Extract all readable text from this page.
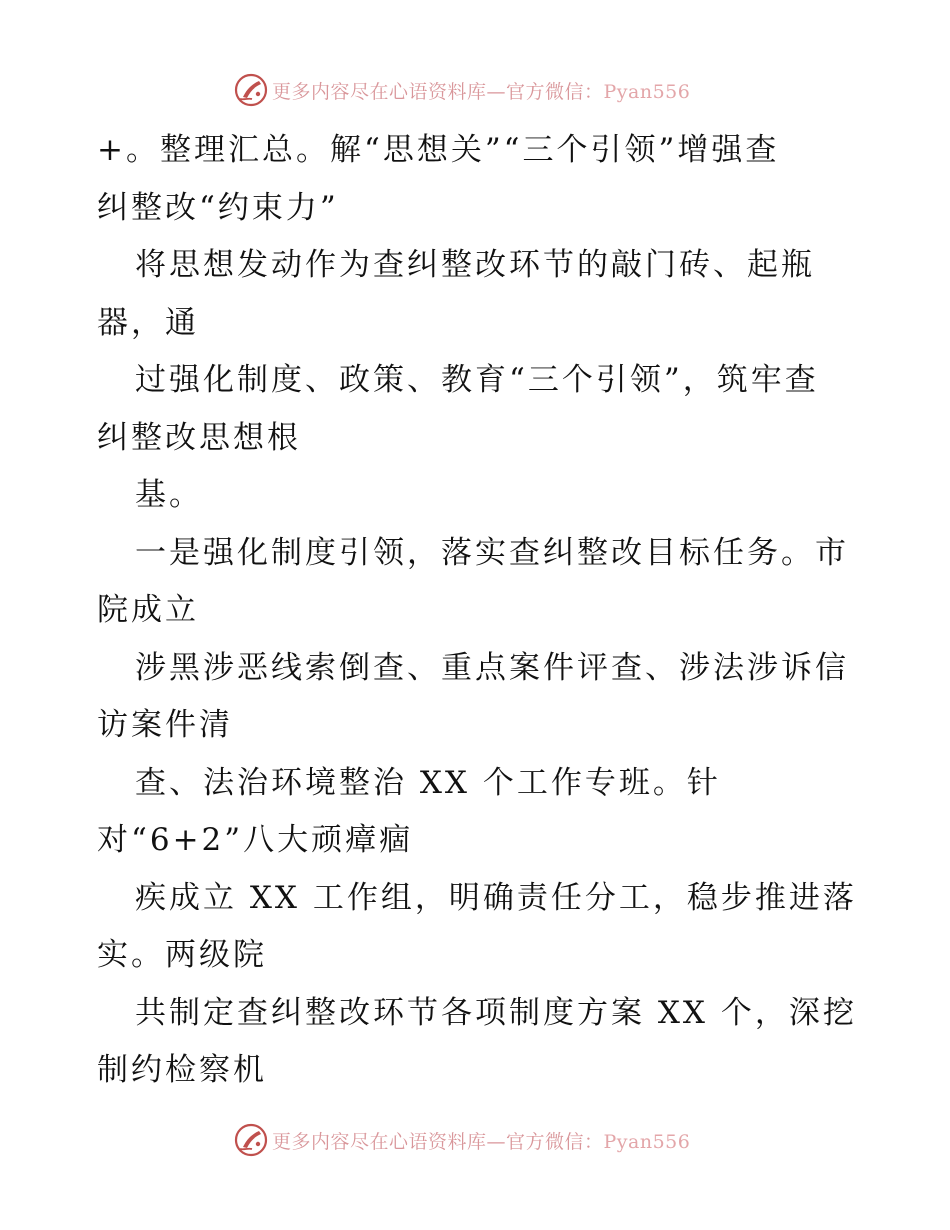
更多内容尽在心语资料库—官方微信：Pyan556
+。整理汇总。解“思想关”“三个引领”增强查
纠整改“约束力”
将思想发动作为查纠整改环节的敲门砖、起瓶
器，通
过强化制度、政策、教育“三个引领”，筑牢查
纠整改思想根
基。
一是强化制度引领，落实查纠整改目标任务。市
院成立
涉黑涉恶线索倒查、重点案件评查、涉法涉诉信
访案件清
查、法治环境整治 XX 个工作专班。针
对“6+2”八大顽瘴痼
疾成立 XX 工作组，明确责任分工，稳步推进落
实。两级院
共制定查纠整改环节各项制度方案 XX 个，深挖
制约检察机
更多内容尽在心语资料库—官方微信：Pyan556
